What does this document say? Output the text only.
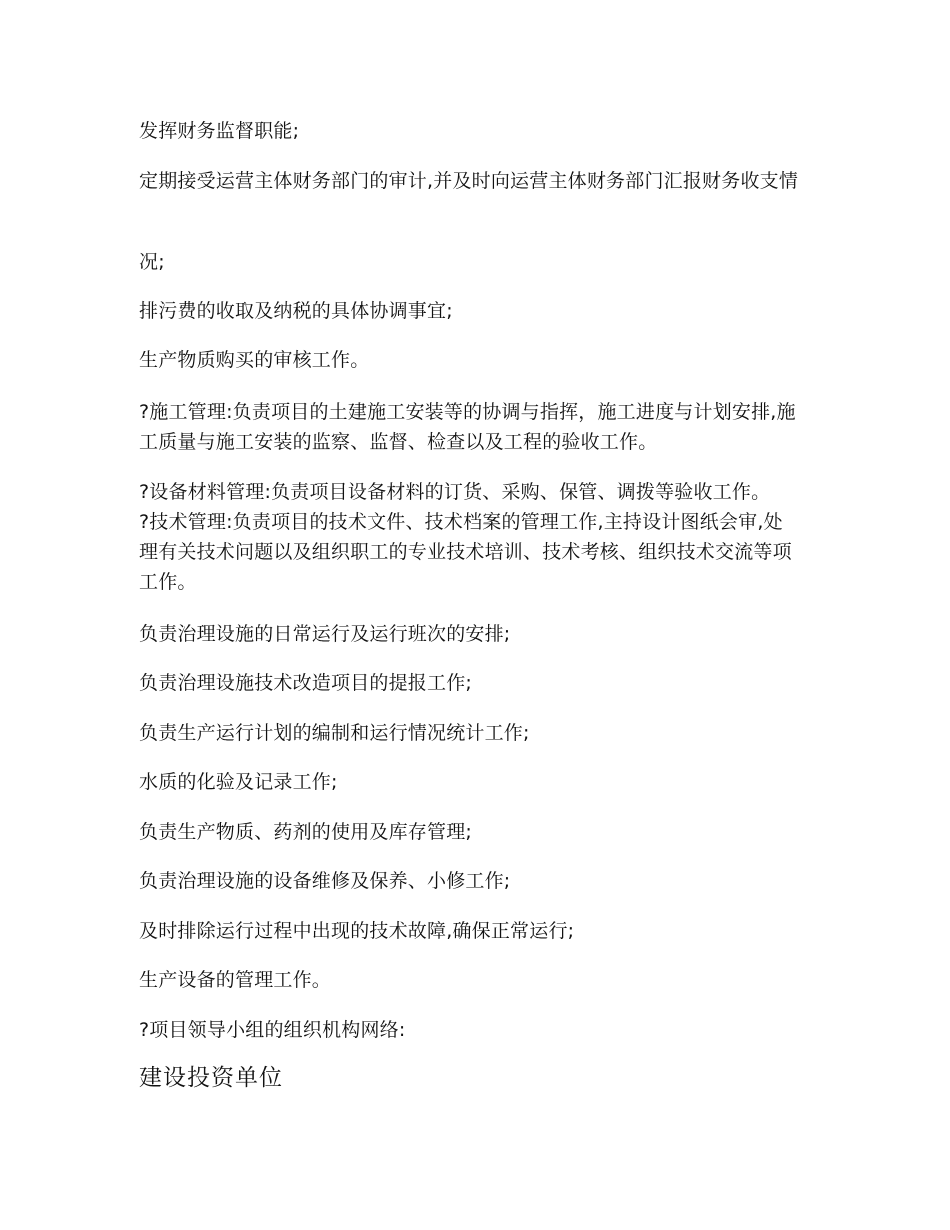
发挥财务监督职能;
定期接受运营主体财务部门的审计,并及时向运营主体财务部门汇报财务收支情
况;
排污费的收取及纳税的具体协调事宜;
生产物质购买的审核工作。
?施工管理:负责项目的土建施工安装等的协调与指挥，施工进度与计划安排,施工质量与施工安装的监察、监督、检查以及工程的验收工作。
?设备材料管理:负责项目设备材料的订货、采购、保管、调拨等验收工作。
?技术管理:负责项目的技术文件、技术档案的管理工作,主持设计图纸会审,处理有关技术问题以及组织职工的专业技术培训、技术考核、组织技术交流等项工作。
负责治理设施的日常运行及运行班次的安排;
负责治理设施技术改造项目的提报工作;
负责生产运行计划的编制和运行情况统计工作;
水质的化验及记录工作;
负责生产物质、药剂的使用及库存管理;
负责治理设施的设备维修及保养、小修工作;
及时排除运行过程中出现的技术故障,确保正常运行;
生产设备的管理工作。
?项目领导小组的组织机构网络:
建设投资单位
